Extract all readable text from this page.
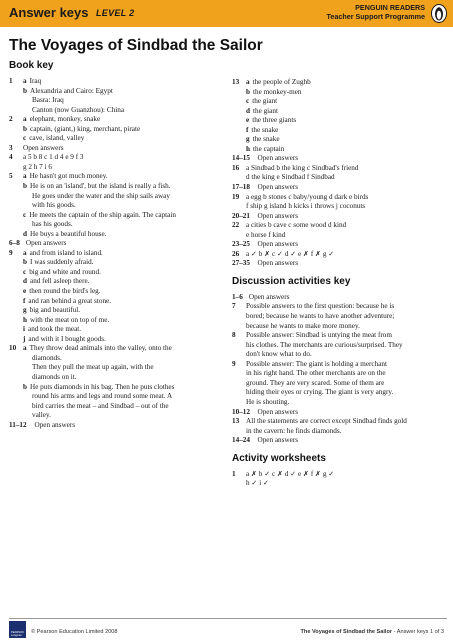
Answer keys LEVEL 2
PENGUIN READERS
Teacher Support Programme
The Voyages of Sindbad the Sailor
Book key
1 a Iraq
b Alexandria and Cairo: Egypt
Basra: Iraq
Canton (now Guanzhou): China
2 a elephant, monkey, snake
b captain, (giant,) king, merchant, pirate
c cave, island, valley
3 Open answers
4 a 5 b 8 c 1 d 4 e 9 f 3
g 2 h 7 i 6
5 a He hasn't got much money.
b He is on an 'island', but the island is really a fish.
He goes under the water and the ship sails away
with his goods.
c He meets the captain of the ship again. The captain
has his goods.
d He buys a beautiful house.
6–8 Open answers
9 a and from island to island.
b I was suddenly afraid.
c big and white and round.
d and fell asleep there.
e then round the bird's leg.
f and ran behind a great stone.
g big and beautiful.
h with the meat on top of me.
i and took the meat.
j and with it I bought goods.
10 a They throw dead animals into the valley, onto the
diamonds.
Then they pull the meat up again, with the
diamonds on it.
b He puts diamonds in his bag. Then he puts clothes
round his arms and legs and round some meat. A
bird carries the meat – and Sindbad – out of the
valley.
11–12 Open answers
13 a the people of Zughb
b the monkey-men
c the giant
d the giant
e the three giants
f the snake
g the snake
h the captain
14–15 Open answers
16 a Sindbad b the king c Sindbad's friend
d the king e Sindbad f Sindbad
17–18 Open answers
19 a egg b stones c baby/young d dark e birds
f ship g island h kicks i throws j coconuts
20–21 Open answers
22 a cities b cave c some wood d kind
e horse f kind
23–25 Open answers
26 a ✓ b ✗ c ✓ d ✓ e ✗ f ✗ g ✓
27–35 Open answers
Discussion activities key
1–6 Open answers
7 Possible answers to the first question: because he is
bored; because he wants to have another adventure;
because he wants to make more money.
8 Possible answer: Sindbad is untying the meat from
his clothes. The merchants are curious/surprised. They
don't know what to do.
9 Possible answer: The giant is holding a merchant
in his right hand. The other merchants are on the
ground. They are very scared. Some of them are
hiding their eyes or crying. The giant is very angry.
He is shouting.
10–12 Open answers
13 All the statements are correct except Sindbad finds gold
in the cavern: he finds diamonds.
14–24 Open answers
Activity worksheets
1 a ✗ b ✓ c ✗ d ✓ e ✗ f ✗ g ✓
h ✓ i ✓
PEARSON Longman
© Pearson Education Limited 2008	The Voyages of Sindbad the Sailor - Answer keys 1 of 3
